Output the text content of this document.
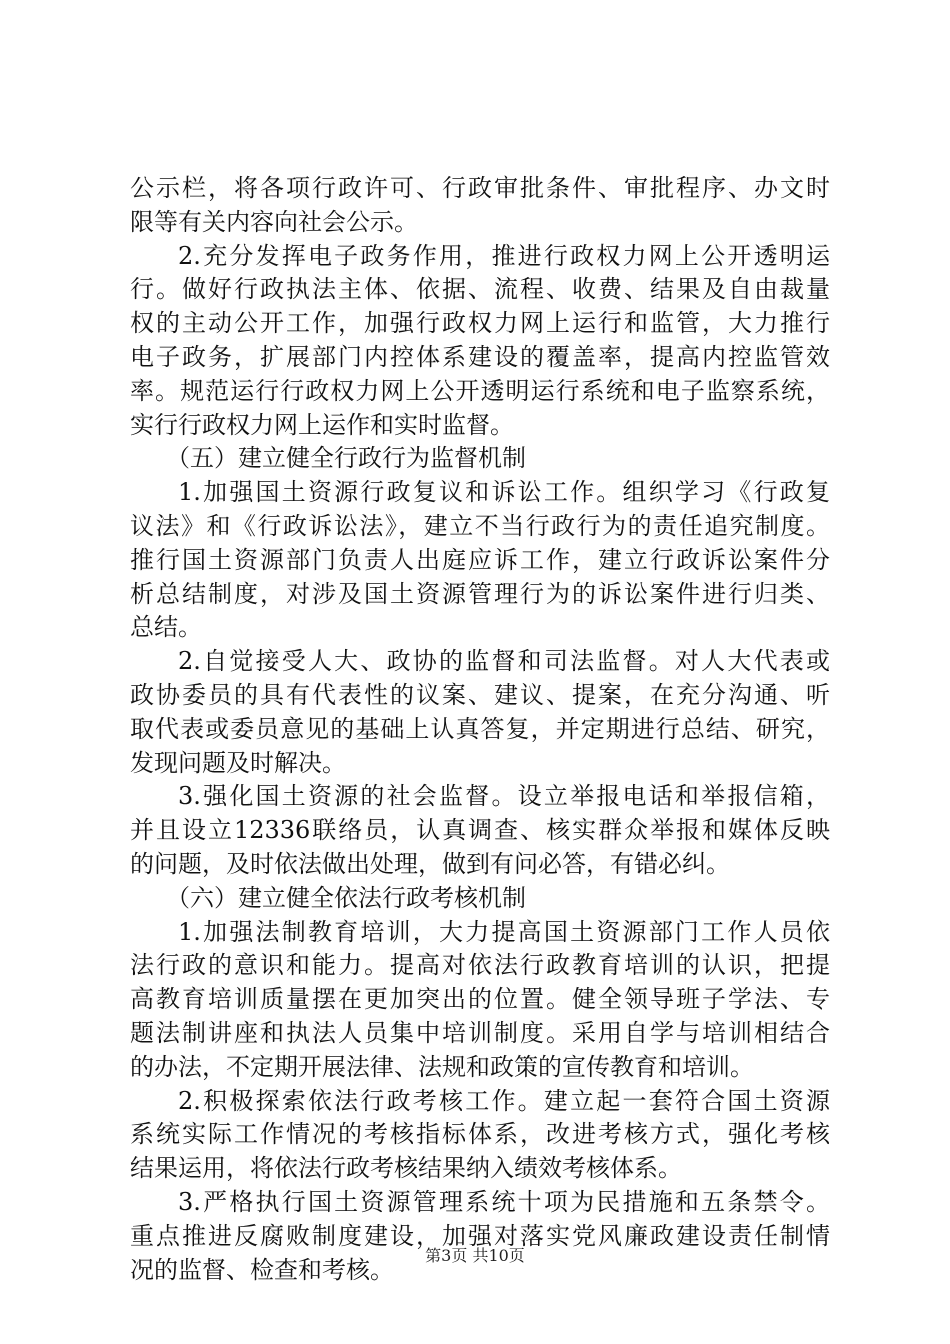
公示栏，将各项行政许可、行政审批条件、审批程序、办文时
限等有关内容向社会公示。
2.充分发挥电子政务作用，推进行政权力网上公开透明运
行。做好行政执法主体、依据、流程、收费、结果及自由裁量
权的主动公开工作，加强行政权力网上运行和监管，大力推行
电子政务，扩展部门内控体系建设的覆盖率，提高内控监管效
率。规范运行行政权力网上公开透明运行系统和电子监察系统，
实行行政权力网上运作和实时监督。
（五）建立健全行政行为监督机制
1.加强国土资源行政复议和诉讼工作。组织学习《行政复
议法》和《行政诉讼法》，建立不当行政行为的责任追究制度。
推行国土资源部门负责人出庭应诉工作，建立行政诉讼案件分
析总结制度，对涉及国土资源管理行为的诉讼案件进行归类、
总结。
2.自觉接受人大、政协的监督和司法监督。对人大代表或
政协委员的具有代表性的议案、建议、提案，在充分沟通、听
取代表或委员意见的基础上认真答复，并定期进行总结、研究，
发现问题及时解决。
3.强化国土资源的社会监督。设立举报电话和举报信箱，
并且设立12336联络员，认真调查、核实群众举报和媒体反映
的问题，及时依法做出处理，做到有问必答，有错必纠。
（六）建立健全依法行政考核机制
1.加强法制教育培训，大力提高国土资源部门工作人员依
法行政的意识和能力。提高对依法行政教育培训的认识，把提
高教育培训质量摆在更加突出的位置。健全领导班子学法、专
题法制讲座和执法人员集中培训制度。采用自学与培训相结合
的办法，不定期开展法律、法规和政策的宣传教育和培训。
2.积极探索依法行政考核工作。建立起一套符合国土资源
系统实际工作情况的考核指标体系，改进考核方式，强化考核
结果运用，将依法行政考核结果纳入绩效考核体系。
3.严格执行国土资源管理系统十项为民措施和五条禁令。
重点推进反腐败制度建设，加强对落实党风廉政建设责任制情
况的监督、检查和考核。	第3页 共10页
